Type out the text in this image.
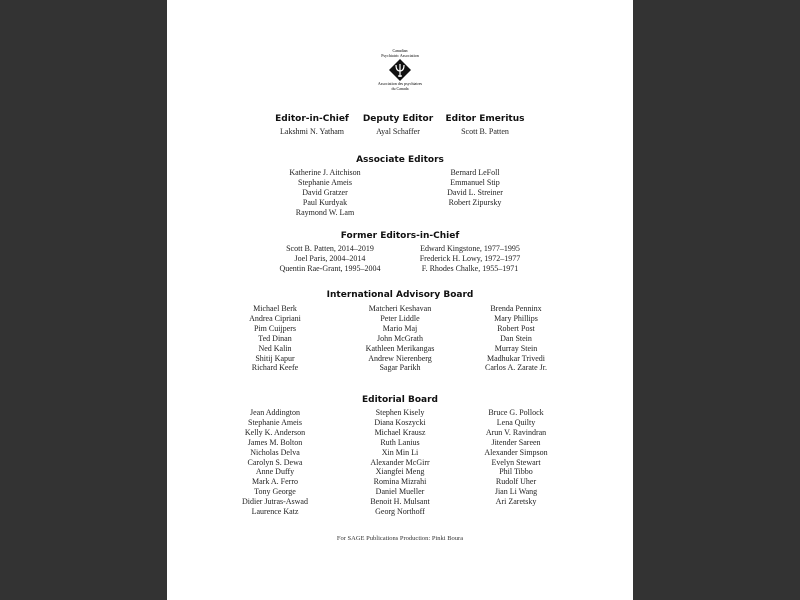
Canadian
Psychiatric Association
Association des psychiatres
du Canada
Editor-in-Chief
Lakshmi N. Yatham
Deputy Editor
Ayal Schaffer
Editor Emeritus
Scott B. Patten
Associate Editors
Katherine J. Aitchison
Stephanie Ameis
David Gratzer
Paul Kurdyak
Raymond W. Lam
Bernard LeFoll
Emmanuel Stip
David L. Streiner
Robert Zipursky
Former Editors-in-Chief
Scott B. Patten, 2014–2019
Joel Paris, 2004–2014
Quentin Rae-Grant, 1995–2004
Edward Kingstone, 1977–1995
Frederick H. Lowy, 1972–1977
F. Rhodes Chalke, 1955–1971
International Advisory Board
Michael Berk
Andrea Cipriani
Pim Cuijpers
Ted Dinan
Ned Kalin
Shitij Kapur
Richard Keefe
Matcheri Keshavan
Peter Liddle
Mario Maj
John McGrath
Kathleen Merikangas
Andrew Nierenberg
Sagar Parikh
Brenda Penninx
Mary Phillips
Robert Post
Dan Stein
Murray Stein
Madhukar Trivedi
Carlos A. Zarate Jr.
Editorial Board
Jean Addington
Stephanie Ameis
Kelly K. Anderson
James M. Bolton
Nicholas Delva
Carolyn S. Dewa
Anne Duffy
Mark A. Ferro
Tony George
Didier Jutras-Aswad
Laurence Katz
Stephen Kisely
Diana Koszycki
Michael Krausz
Ruth Lanius
Xin Min Li
Alexander McGirr
Xiangfei Meng
Romina Mizrahi
Daniel Mueller
Benoit H. Mulsant
Georg Northoff
Bruce G. Pollock
Lena Quilty
Arun V. Ravindran
Jitender Sareen
Alexander Simpson
Evelyn Stewart
Phil Tibbo
Rudolf Uher
Jian Li Wang
Ari Zaretsky
For SAGE Publications Production: Pinki Boura
